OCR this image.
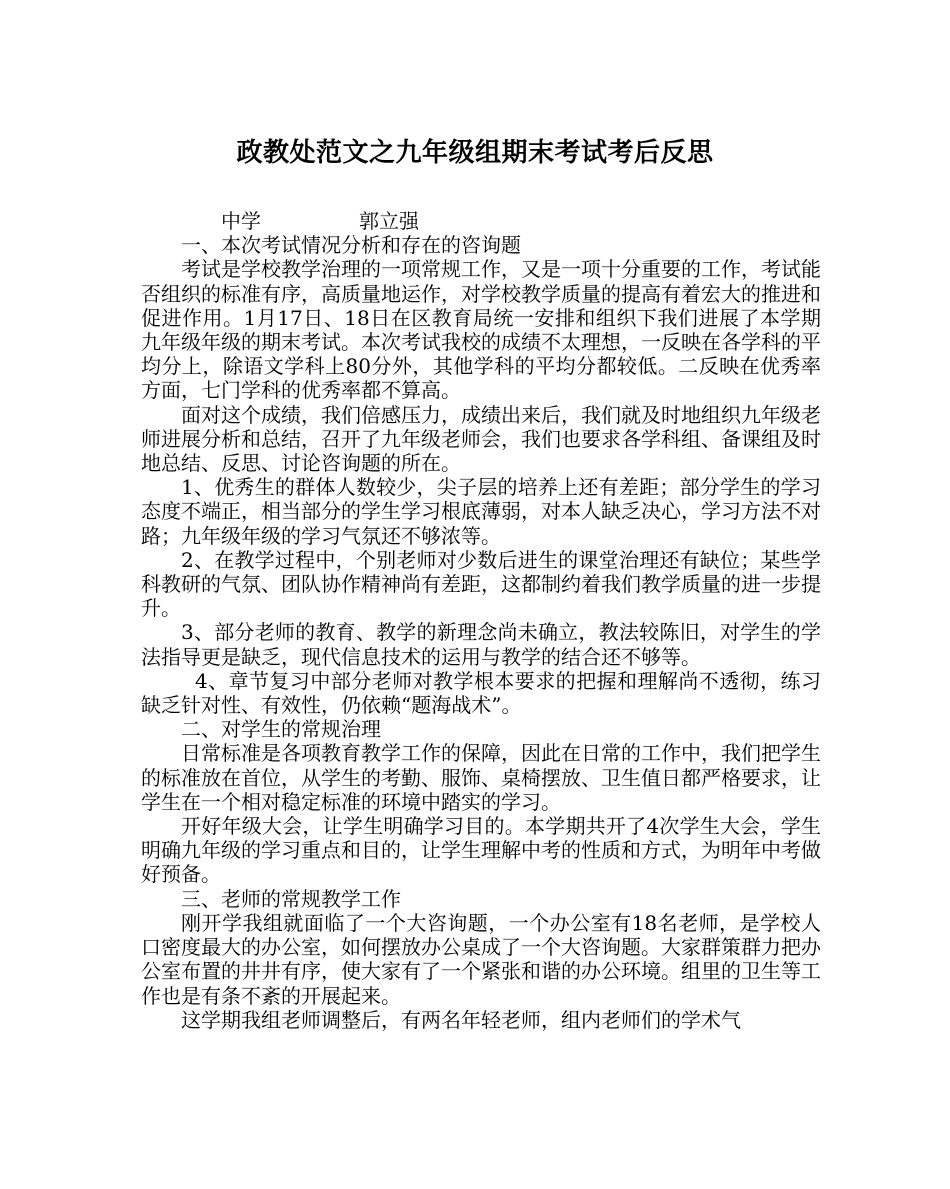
政教处范文之九年级组期末考试考后反思

中学	郭立强

一、本次考试情况分析和存在的咨询题

考试是学校教学治理的一项常规工作，又是一项十分重要的工作，考试能否组织的标准有序，高质量地运作，对学校教学质量的提高有着宏大的推进和促进作用。1月17日、18日在区教育局统一安排和组织下我们进展了本学期九年级年级的期末考试。本次考试我校的成绩不太理想，一反映在各学科的平均分上，除语文学科上80分外，其他学科的平均分都较低。二反映在优秀率方面，七门学科的优秀率都不算高。

面对这个成绩，我们倍感压力，成绩出来后，我们就及时地组织九年级老师进展分析和总结，召开了九年级老师会，我们也要求各学科组、备课组及时地总结、反思、讨论咨询题的所在。

1、优秀生的群体人数较少，尖子层的培养上还有差距；部分学生的学习态度不端正，相当部分的学生学习根底薄弱，对本人缺乏决心，学习方法不对路；九年级年级的学习气氛还不够浓等。

2、在教学过程中，个别老师对少数后进生的课堂治理还有缺位；某些学科教研的气氛、团队协作精神尚有差距，这都制约着我们教学质量的进一步提升。

3、部分老师的教育、教学的新理念尚未确立，教法较陈旧，对学生的学法指导更是缺乏，现代信息技术的运用与教学的结合还不够等。

4、章节复习中部分老师对教学根本要求的把握和理解尚不透彻，练习缺乏针对性、有效性，仍依赖“题海战术”。

二、对学生的常规治理

日常标准是各项教育教学工作的保障，因此在日常的工作中，我们把学生的标准放在首位，从学生的考勤、服饰、桌椅摆放、卫生值日都严格要求，让学生在一个相对稳定标准的环境中踏实的学习。

开好年级大会，让学生明确学习目的。本学期共开了4次学生大会，学生明确九年级的学习重点和目的，让学生理解中考的性质和方式，为明年中考做好预备。

三、老师的常规教学工作

刚开学我组就面临了一个大咨询题，一个办公室有18名老师，是学校人口密度最大的办公室，如何摆放办公桌成了一个大咨询题。大家群策群力把办公室布置的井井有序，使大家有了一个紧张和谐的办公环境。组里的卫生等工作也是有条不紊的开展起来。

这学期我组老师调整后，有两名年轻老师，组内老师们的学术气
